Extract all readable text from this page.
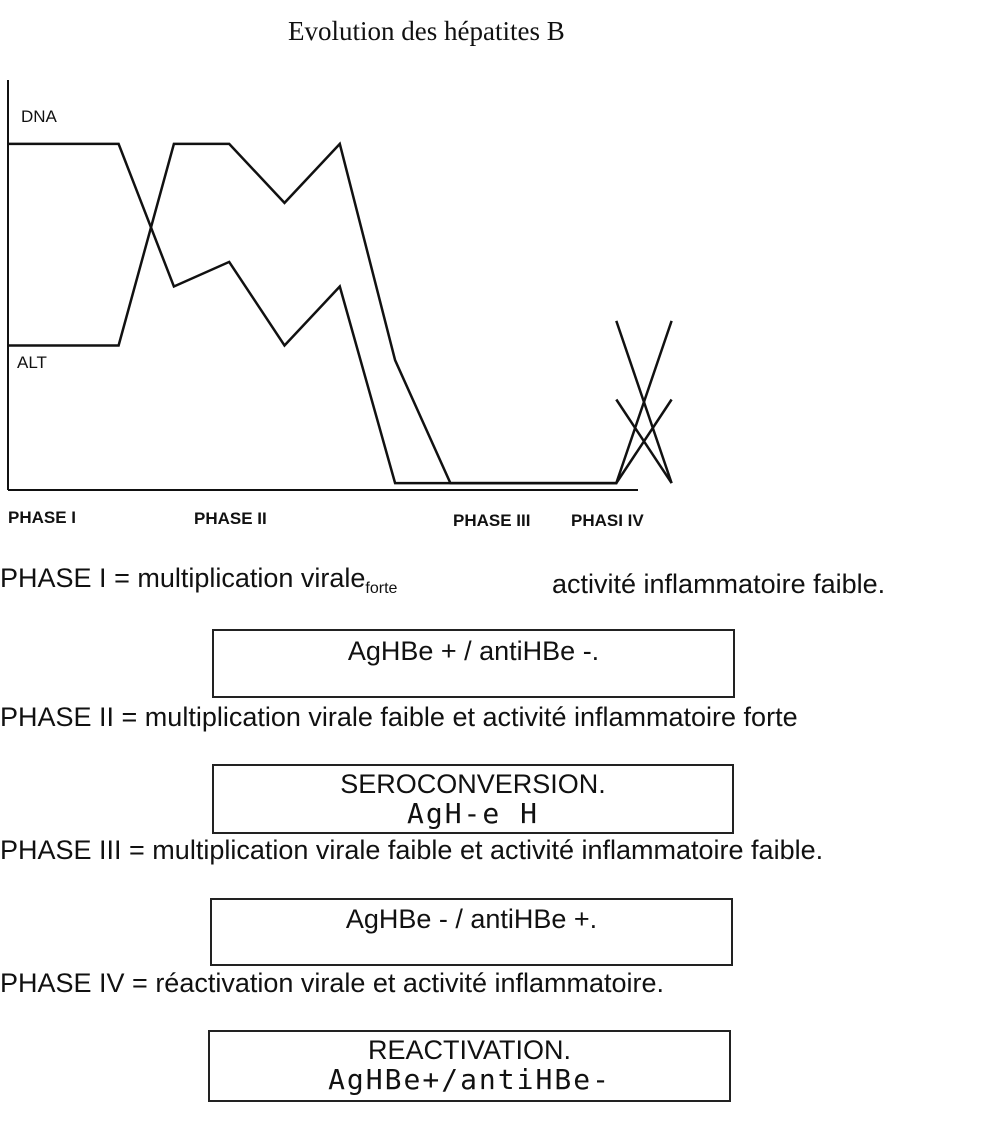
Evolution des hépatites B
DNA
ALT
PHASE I	PHASE II	PHASE III PHASI IV
PHASE I = multiplication virale$_{forte}$	activité inflammatoire faible.
AgHBe + / antiHBe -.
PHASE II = multiplication virale faible et activité inflammatoire forte
SEROCONVERSION.
AgH-e H
PHASE III = multiplication virale faible et activité inflammatoire faible.
AgHBe - / antiHBe +.
PHASE IV = réactivation virale et activité inflammatoire.
REACTIVATION.
AgHBe+/antiHBe-
